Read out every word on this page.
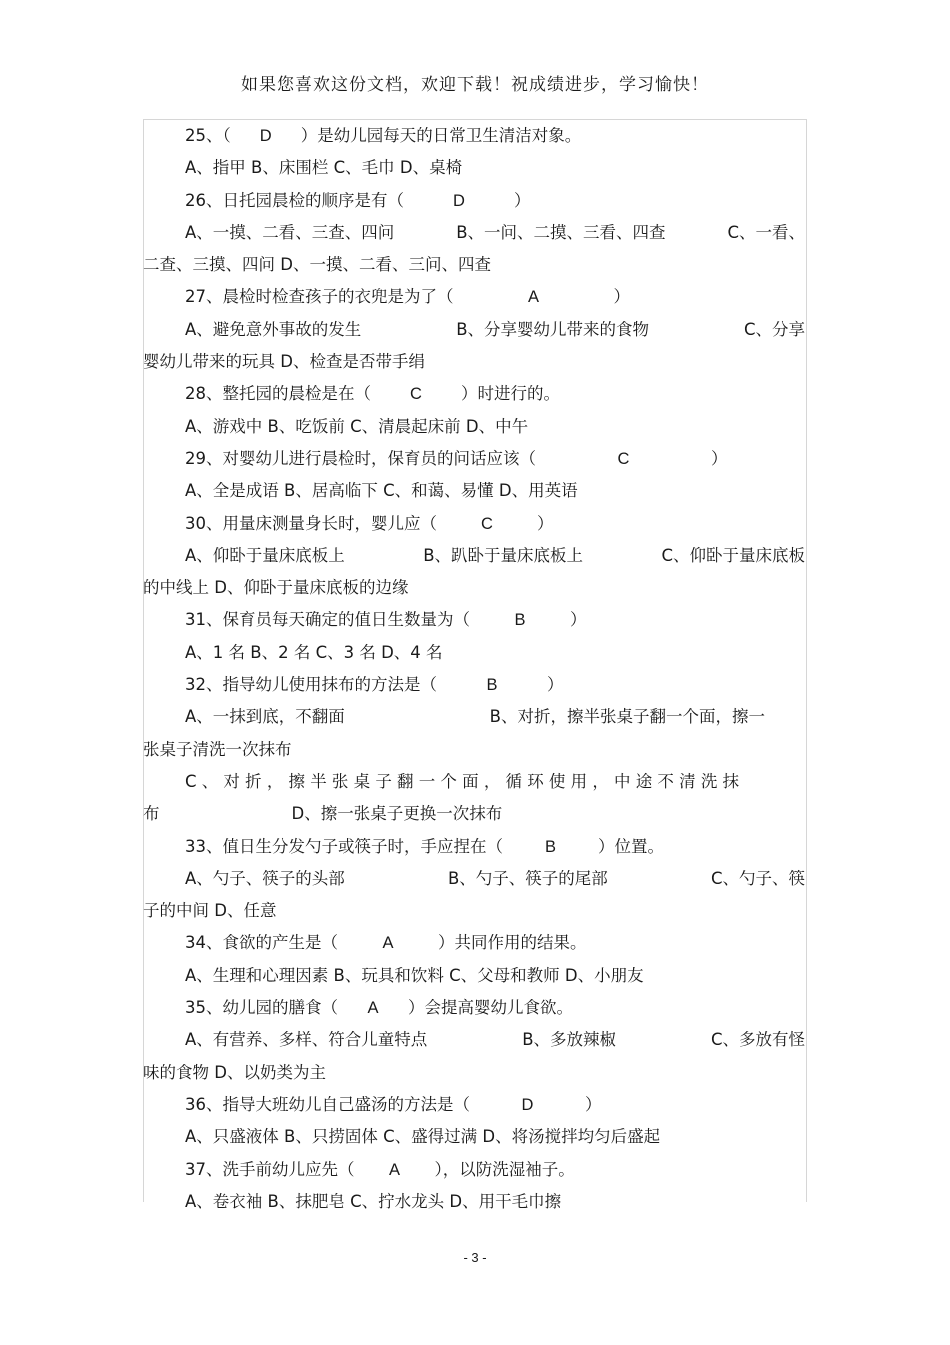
如果您喜欢这份文档，欢迎下载！祝成绩进步，学习愉快！
25、（ D ）是幼儿园每天的日常卫生清洁对象。
A、指甲 B、床围栏 C、毛巾 D、桌椅
26、日托园晨检的顺序是有（	D	）
A、一摸、二看、三查、四问	B、一问、二摸、三看、四查	C、一看、
二查、三摸、四问 D、一摸、二看、三问、四查
27、晨检时检查孩子的衣兜是为了（	A	）
A、避免意外事故的发生	B、分享婴幼儿带来的食物	C、分享
婴幼儿带来的玩具 D、检查是否带手绢
28、整托园的晨检是在（ C ）时进行的。
A、游戏中 B、吃饭前 C、清晨起床前 D、中午
29、对婴幼儿进行晨检时，保育员的问话应该（	C	）
A、全是成语 B、居高临下 C、和蔼、易懂 D、用英语
30、用量床测量身长时，婴儿应（	C	）
A、仰卧于量床底板上	B、趴卧于量床底板上	C、仰卧于量床底板
的中线上 D、仰卧于量床底板的边缘
31、保育员每天确定的值日生数量为（	B	）
A、1 名 B、2 名 C、3 名 D、4 名
32、指导幼儿使用抹布的方法是（	B	）
A、一抹到底，不翻面	B、对折，擦半张桌子翻一个面，擦一
张桌子清洗一次抹布
C、对折，擦半张桌子翻一个面，循环使用，中途不清洗抹
布	D、擦一张桌子更换一次抹布
33、值日生分发勺子或筷子时，手应捏在（	B	）位置。
A、勺子、筷子的头部	B、勺子、筷子的尾部	C、勺子、筷
子的中间 D、任意
34、食欲的产生是（	A	）共同作用的结果。
A、生理和心理因素 B、玩具和饮料 C、父母和教师 D、小朋友
35、幼儿园的膳食（ A ）会提高婴幼儿食欲。
A、有营养、多样、符合儿童特点	B、多放辣椒	C、多放有怪
味的食物 D、以奶类为主
36、指导大班幼儿自己盛汤的方法是（	D	）
A、只盛液体 B、只捞固体 C、盛得过满 D、将汤搅拌均匀后盛起
37、洗手前幼儿应先（ A ），以防洗湿袖子。
A、卷衣袖 B、抹肥皂 C、拧水龙头 D、用干毛巾擦
- 3 -
